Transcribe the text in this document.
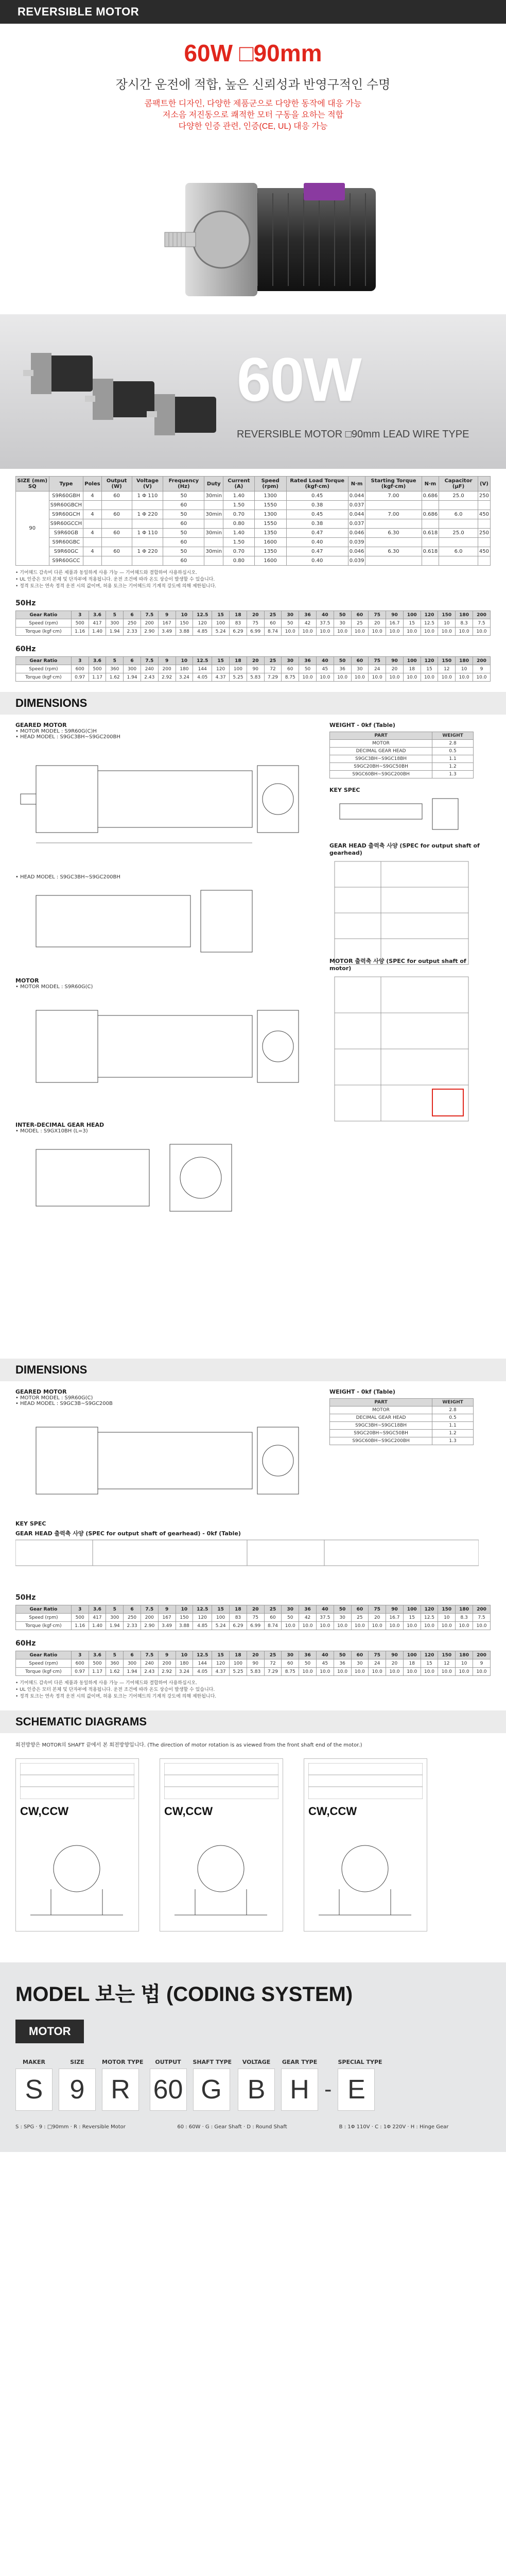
REVERSIBLE MOTOR
60W □90mm
장시간 운전에 적합, 높은 신뢰성과 반영구적인 수명
콤팩트한 디자인, 다양한 제품군으로 다양한 동작에 대응 가능
저소음 저진동으로 쾌적한 모터 구동을 요하는 적합
다양한 인증 관련, 인증(CE, UL) 대응 가능
60W
REVERSIBLE MOTOR □90mm LEAD WIRE TYPE
SIZE (mm) SQ	Type	Poles	Output (W)	Voltage (V)	Frequency (Hz)	Duty	Current (A)	Speed (rpm)	Rated Load Torque (kgf·cm)	N·m	Starting Torque (kgf·cm)	N·m	Capacitor (μF)	(V)
90	S9R60GBH	4	60	1 Φ 110	50	30min	1.40	1300	0.45	0.044	7.00	0.686	25.0	250
	S9R60GBCH				60		1.50	1550	0.38	0.037				
	S9R60GCH	4	60	1 Φ 220	50	30min	0.70	1300	0.45	0.044	7.00	0.686	6.0	450
	S9R60GCCH				60		0.80	1550	0.38	0.037				
	S9R60GB	4	60	1 Φ 110	50	30min	1.40	1350	0.47	0.046	6.30	0.618	25.0	250
	S9R60GBC				60		1.50	1600	0.40	0.039				
	S9R60GC	4	60	1 Φ 220	50	30min	0.70	1350	0.47	0.046	6.30	0.618	6.0	450
	S9R60GCC				60		0.80	1600	0.40	0.039				
• 기어헤드 감속비 다른 제품과 동일하게 사용 가능 — 기어헤드와 결합하여 사용하십시오.
• UL 인증은 모터 본체 및 단자부에 적용됩니다. 운전 조건에 따라 온도 상승이 발생할 수 있습니다.
• 정격 토크는 연속 정격 운전 시의 값이며, 허용 토크는 기어헤드의 기계적 강도에 의해 제한됩니다.
50Hz
Gear Ratio	3	3.6	5	6	7.5	9	10	12.5	15	18	20	25	30	36	40	50	60	75	90	100	120	150	180	200
Speed (rpm)	500	417	300	250	200	167	150	120	100	83	75	60	50	42	37.5	30	25	20	16.7	15	12.5	10	8.3	7.5
Torque (kgf·cm)	1.16	1.40	1.94	2.33	2.90	3.49	3.88	4.85	5.24	6.29	6.99	8.74	10.0	10.0	10.0	10.0	10.0	10.0	10.0	10.0	10.0	10.0	10.0	10.0
60Hz
Gear Ratio	3	3.6	5	6	7.5	9	10	12.5	15	18	20	25	30	36	40	50	60	75	90	100	120	150	180	200
Speed (rpm)	600	500	360	300	240	200	180	144	120	100	90	72	60	50	45	36	30	24	20	18	15	12	10	9
Torque (kgf·cm)	0.97	1.17	1.62	1.94	2.43	2.92	3.24	4.05	4.37	5.25	5.83	7.29	8.75	10.0	10.0	10.0	10.0	10.0	10.0	10.0	10.0	10.0	10.0	10.0
DIMENSIONS
GEARED MOTOR
• MOTOR MODEL : S9R60G(C)H
• HEAD MODEL : S9GC3BH~S9GC200BH
WEIGHT - 0kf (Table)
PART	WEIGHT
MOTOR	2.8
DECIMAL GEAR HEAD	0.5
S9GC3BH~S9GC18BH	1.1
S9GC20BH~S9GC50BH	1.2
S9GC60BH~S9GC200BH	1.3
KEY SPEC
GEAR HEAD 출력축 사양 (SPEC for output shaft of gearhead)
• HEAD MODEL : S9GC3BH~S9GC200BH
MOTOR
• MOTOR MODEL : S9R60G(C)
MOTOR 출력축 사양 (SPEC for output shaft of motor)
INTER-DECIMAL GEAR HEAD
• MODEL : S9GX10BH (L=3)
DIMENSIONS
GEARED MOTOR
• MOTOR MODEL : S9R60G(C)
• HEAD MODEL : S9GC3B~S9GC200B
WEIGHT - 0kf (Table)
PART	WEIGHT
MOTOR	2.8
DECIMAL GEAR HEAD	0.5
S9GC3BH~S9GC18BH	1.1
S9GC20BH~S9GC50BH	1.2
S9GC60BH~S9GC200BH	1.3
KEY SPEC
GEAR HEAD 출력축 사양 (SPEC for output shaft of gearhead) - 0kf (Table)
50Hz
Gear Ratio	3	3.6	5	6	7.5	9	10	12.5	15	18	20	25	30	36	40	50	60	75	90	100	120	150	180	200
Speed (rpm)	500	417	300	250	200	167	150	120	100	83	75	60	50	42	37.5	30	25	20	16.7	15	12.5	10	8.3	7.5
Torque (kgf·cm)	1.16	1.40	1.94	2.33	2.90	3.49	3.88	4.85	5.24	6.29	6.99	8.74	10.0	10.0	10.0	10.0	10.0	10.0	10.0	10.0	10.0	10.0	10.0	10.0
60Hz
Gear Ratio	3	3.6	5	6	7.5	9	10	12.5	15	18	20	25	30	36	40	50	60	75	90	100	120	150	180	200
Speed (rpm)	600	500	360	300	240	200	180	144	120	100	90	72	60	50	45	36	30	24	20	18	15	12	10	9
Torque (kgf·cm)	0.97	1.17	1.62	1.94	2.43	2.92	3.24	4.05	4.37	5.25	5.83	7.29	8.75	10.0	10.0	10.0	10.0	10.0	10.0	10.0	10.0	10.0	10.0	10.0
• 기어헤드 감속비 다른 제품과 동일하게 사용 가능 — 기어헤드와 결합하여 사용하십시오.
• UL 인증은 모터 본체 및 단자부에 적용됩니다. 운전 조건에 따라 온도 상승이 발생할 수 있습니다.
• 정격 토크는 연속 정격 운전 시의 값이며, 허용 토크는 기어헤드의 기계적 강도에 의해 제한됩니다.
SCHEMATIC DIAGRAMS
회전방향은 MOTOR의 SHAFT 끝에서 본 회전방향입니다. (The direction of motor rotation is as viewed from the front shaft end of the motor.)
CW,CCW	CW,CCW	CW,CCW
MODEL 보는 법 (CODING SYSTEM)
MOTOR
MAKER
S
SIZE
9
MOTOR TYPE
R
OUTPUT
60
SHAFT TYPE
G
VOLTAGE
B
GEAR TYPE
H -
SPECIAL TYPE
E
S : SPG · 9 : □90mm · R : Reversible Motor	60 : 60W · G : Gear Shaft · D : Round Shaft	B : 1Φ 110V · C : 1Φ 220V · H : Hinge Gear
